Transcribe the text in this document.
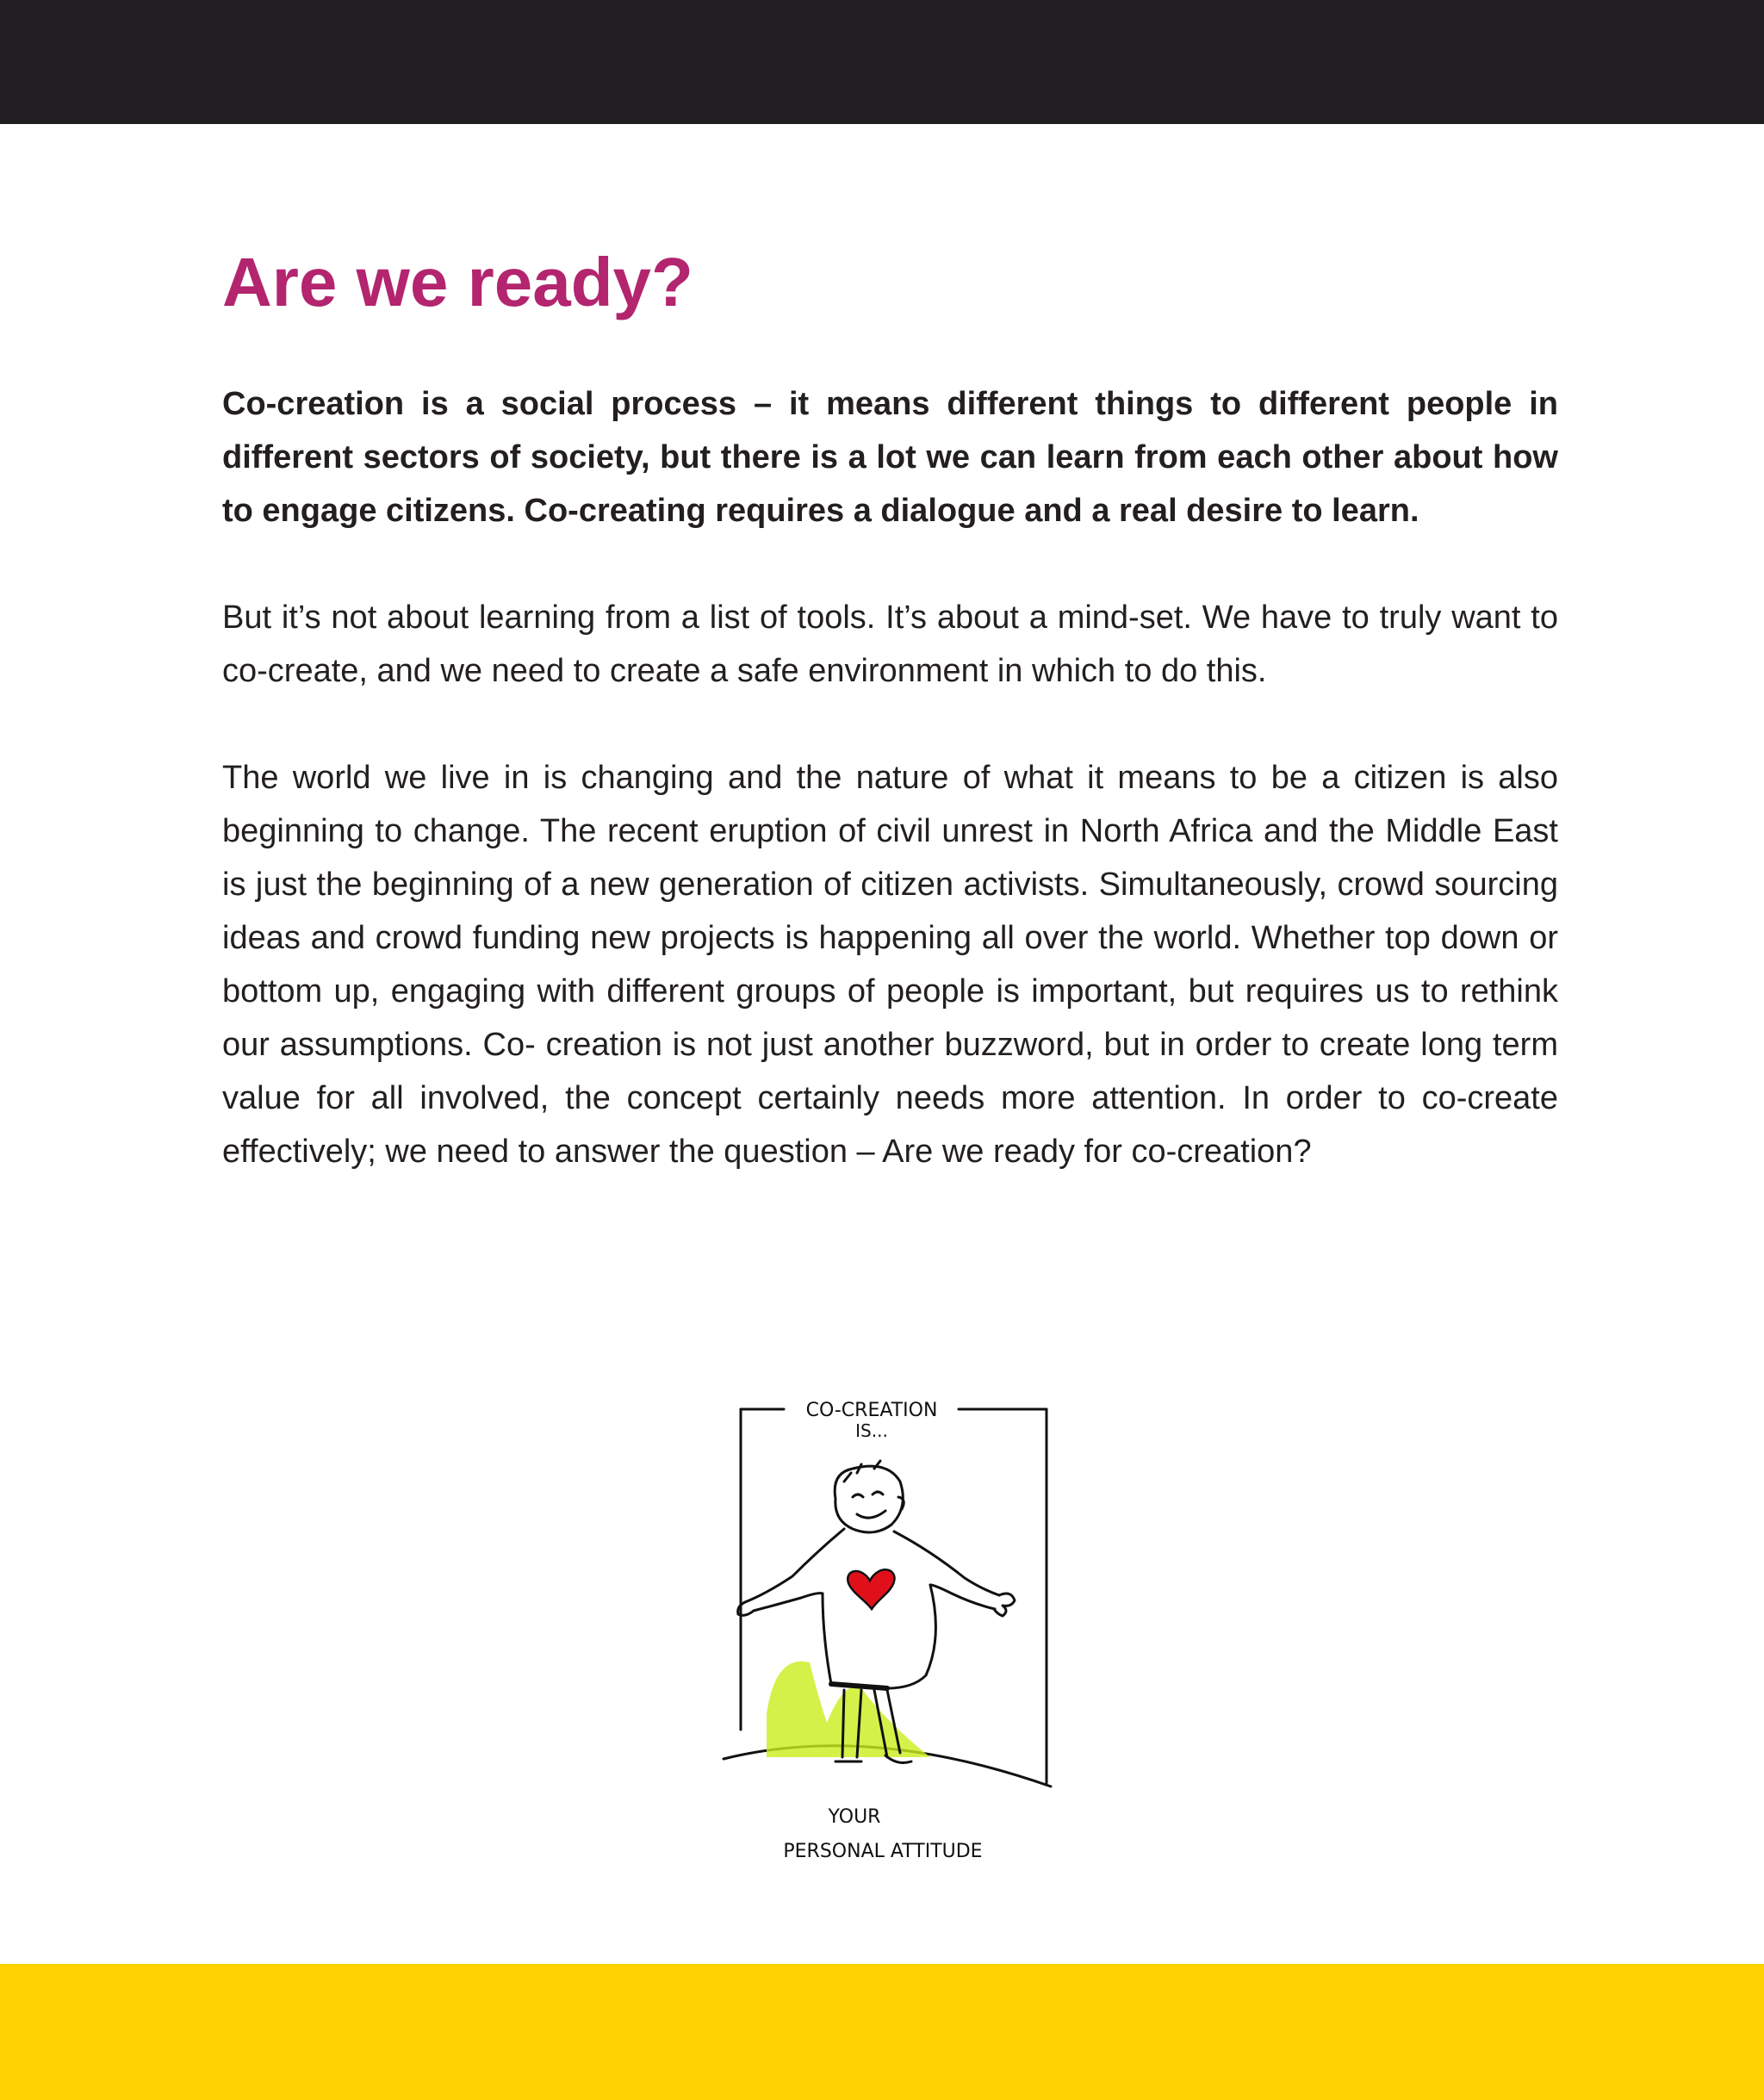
Are we ready?

Co-creation is a social process – it means different things to different people in different sectors of society, but there is a lot we can learn from each other about how to engage citizens. Co-creating requires a dialogue and a real desire to learn.

But it’s not about learning from a list of tools. It’s about a mind-set. We have to truly want to co-create, and we need to create a safe environment in which to do this.

The world we live in is changing and the nature of what it means to be a citizen is also beginning to change. The recent eruption of civil unrest in North Africa and the Middle East is just the beginning of a new generation of citizen activists. Simultaneously, crowd sourcing ideas and crowd funding new projects is happening all over the world. Whether top down or bottom up, engaging with different groups of people is important, but requires us to rethink our assumptions. Co- creation is not just another buzzword, but in order to create long term value for all involved, the concept certainly needs more attention. In order to co-create effectively; we need to answer the question – Are we ready for co-creation?

CO-CREATION
IS...
YOUR
PERSONAL ATTITUDE
